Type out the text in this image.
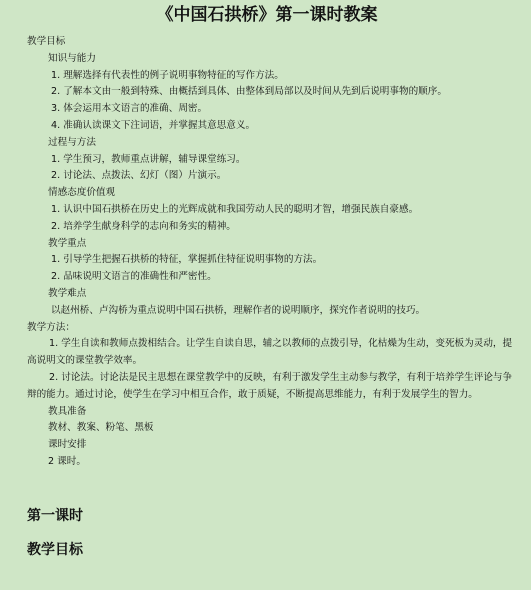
《中国石拱桥》第一课时教案
教学目标
知识与能力
1. 理解选择有代表性的例子说明事物特征的写作方法。
2. 了解本文由一般到特殊、由概括到具体、由整体到局部以及时间从先到后说明事物的顺序。
3. 体会运用本文语言的准确、周密。
4. 准确认读课文下注词语，并掌握其意思意义。
过程与方法
1. 学生预习，教师重点讲解，辅导课堂练习。
2. 讨论法、点拨法、幻灯（图）片演示。
情感态度价值观
1. 认识中国石拱桥在历史上的光辉成就和我国劳动人民的聪明才智，增强民族自豪感。
2. 培养学生献身科学的志向和务实的精神。
教学重点
1. 引导学生把握石拱桥的特征，掌握抓住特征说明事物的方法。
2. 品味说明文语言的准确性和严密性。
教学难点
以赵州桥、卢沟桥为重点说明中国石拱桥，理解作者的说明顺序，探究作者说明的技巧。
教学方法：
1. 学生自读和教师点拨相结合。让学生自读自思，辅之以教师的点拨引导，化枯燥为生动，变死板为灵动，提高说明文的课堂教学效率。
2. 讨论法。讨论法是民主思想在课堂教学中的反映，有利于激发学生主动参与教学，有利于培养学生评论与争辩的能力。通过讨论，使学生在学习中相互合作，敢于质疑，不断提高思维能力，有利于发展学生的智力。
教具准备
教材、教案、粉笔、黑板
课时安排
2 课时。
第一课时
教学目标
